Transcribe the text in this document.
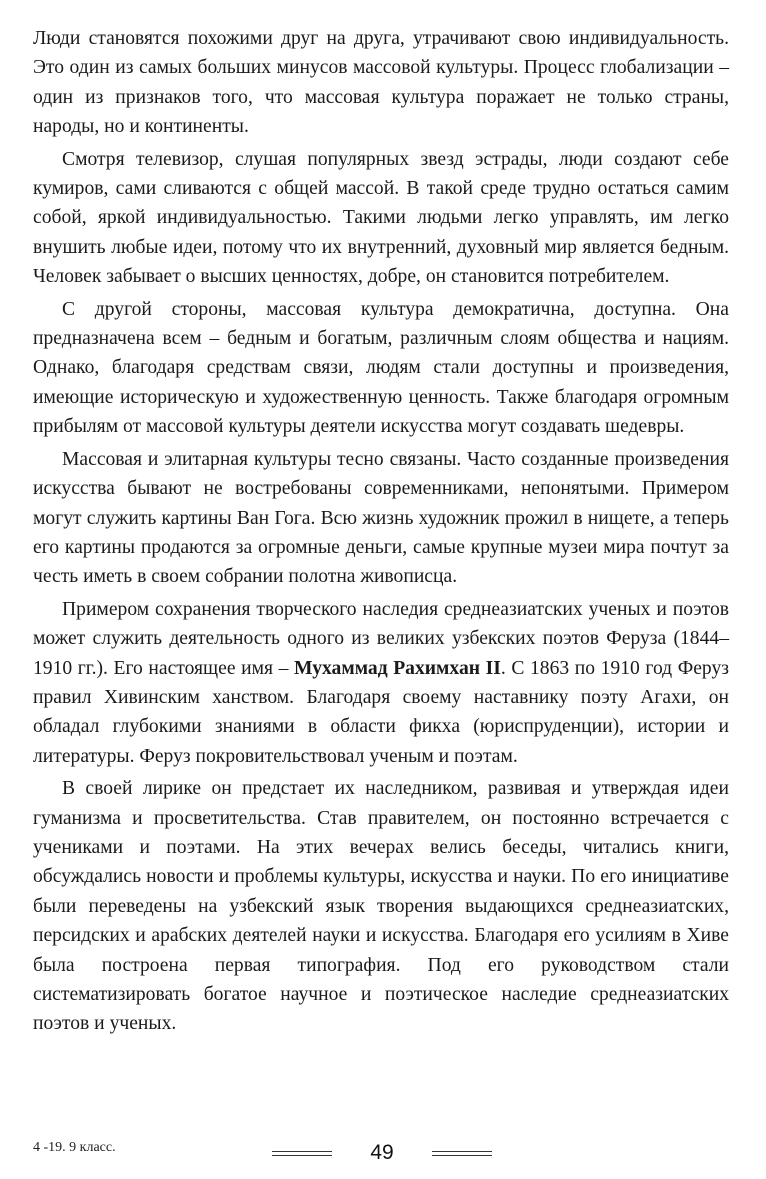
Люди становятся похожими друг на друга, утрачивают свою индивидуальность. Это один из самых больших минусов массовой культуры. Процесс глобализации – один из признаков того, что массовая культура поражает не только страны, народы, но и континенты.

Смотря телевизор, слушая популярных звезд эстрады, люди создают себе кумиров, сами сливаются с общей массой. В такой среде трудно остаться самим собой, яркой индивидуальностью. Такими людьми легко управлять, им легко внушить любые идеи, потому что их внутренний, духовный мир является бедным. Человек забывает о высших ценностях, добре, он становится потребителем.

С другой стороны, массовая культура демократична, доступна. Она предназначена всем – бедным и богатым, различным слоям общества и нациям. Однако, благодаря средствам связи, людям стали доступны и произведения, имеющие историческую и художественную ценность. Также благодаря огромным прибылям от массовой культуры деятели искусства могут создавать шедевры.

Массовая и элитарная культуры тесно связаны. Часто созданные произведения искусства бывают не востребованы современниками, непонятыми. Примером могут служить картины Ван Гога. Всю жизнь художник прожил в нищете, а теперь его картины продаются за огромные деньги, самые крупные музеи мира почтут за честь иметь в своем собрании полотна живописца.

Примером сохранения творческого наследия среднеазиатских ученых и поэтов может служить деятельность одного из великих узбекских поэтов Феруза (1844–1910 гг.). Его настоящее имя – Мухаммад Рахимхан II. С 1863 по 1910 год Феруз правил Хивинским ханством. Благодаря своему наставнику поэту Агахи, он обладал глубокими знаниями в области фикха (юриспруденции), истории и литературы. Феруз покровительствовал ученым и поэтам.

В своей лирике он предстает их наследником, развивая и утверждая идеи гуманизма и просветительства. Став правителем, он постоянно встречается с учениками и поэтами. На этих вечерах велись беседы, читались книги, обсуждались новости и проблемы культуры, искусства и науки. По его инициативе были переведены на узбекский язык творения выдающихся среднеазиатских, персидских и арабских деятелей науки и искусства. Благодаря его усилиям в Хиве была построена первая типография. Под его руководством стали систематизировать богатое научное и поэтическое наследие среднеазиатских поэтов и ученых.

4 -19. 9 класс.	49
